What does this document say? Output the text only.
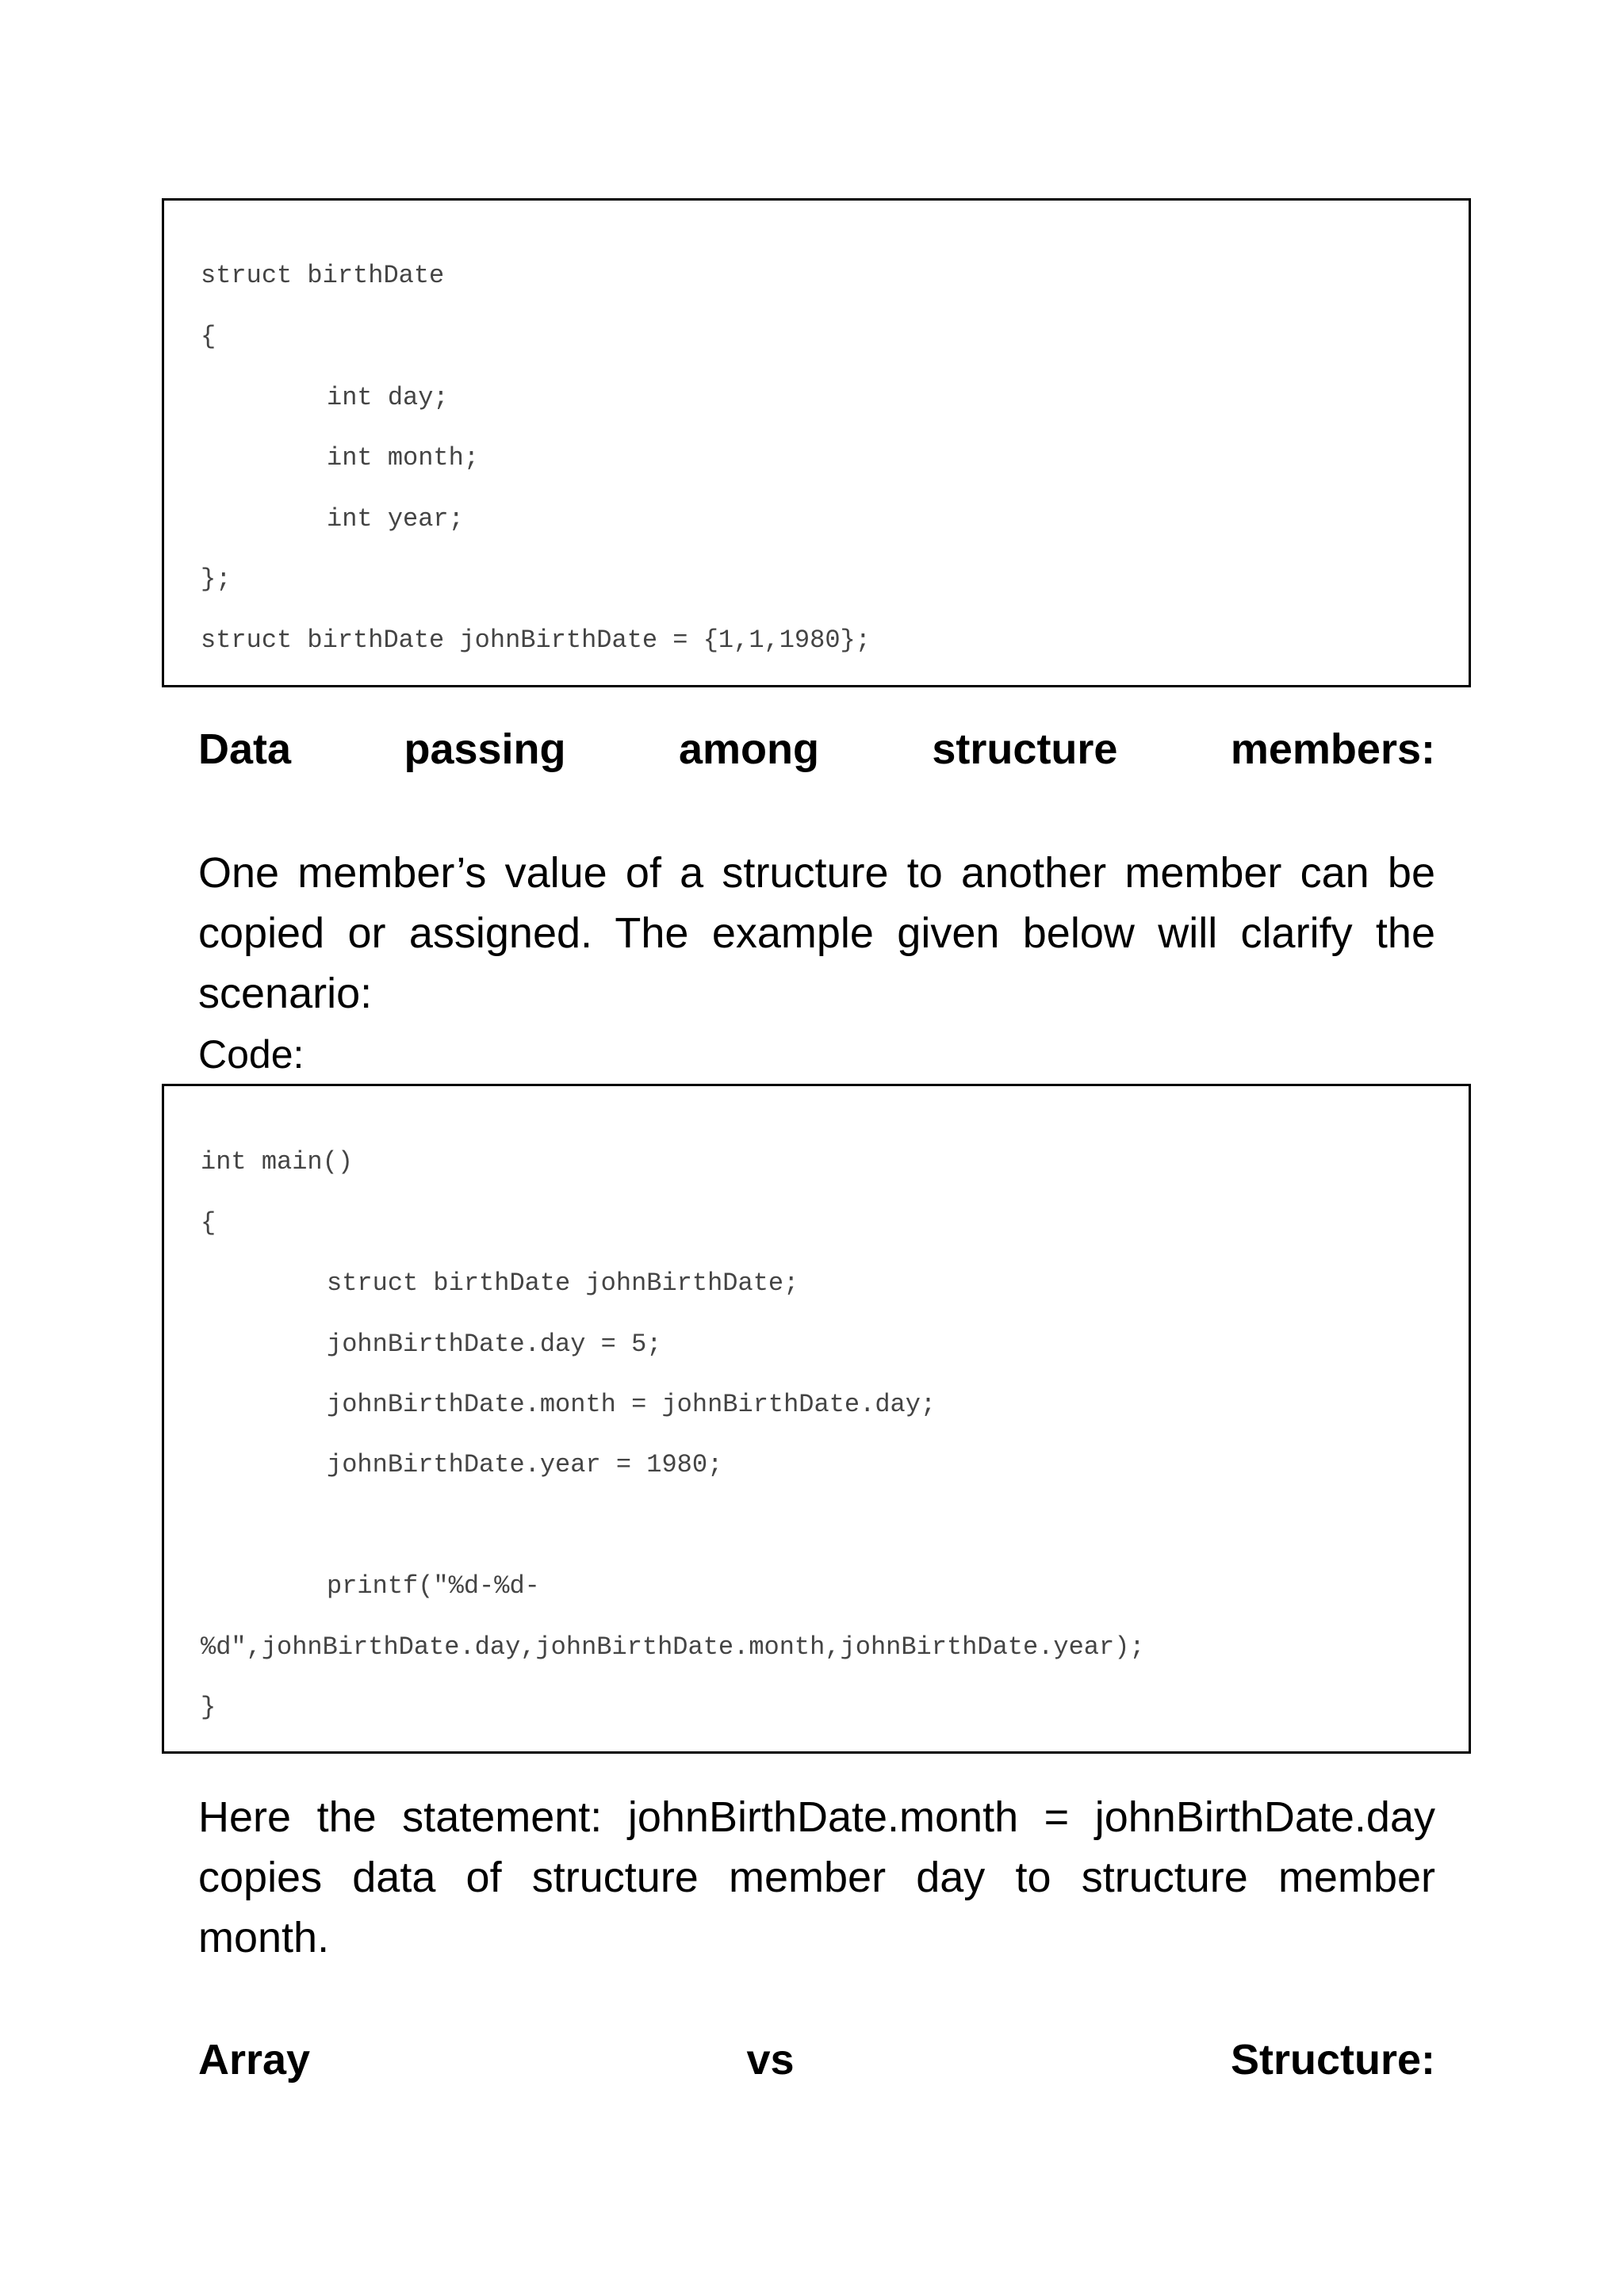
struct birthDate
{
int day;
int month;
int year;
};
struct birthDate johnBirthDate = {1,1,1980};
Data	passing	among	structure	members:
One member’s value of a structure to another member can be
copied or assigned. The example given below will clarify the
scenario:
Code:
int main()
{
struct birthDate johnBirthDate;
johnBirthDate.day = 5;
johnBirthDate.month = johnBirthDate.day;
johnBirthDate.year = 1980;
printf("%d-%d-
%d",johnBirthDate.day,johnBirthDate.month,johnBirthDate.year);
}
Here the statement: johnBirthDate.month = johnBirthDate.day
copies data of structure member day to structure member
month.
Array	vs	Structure:
